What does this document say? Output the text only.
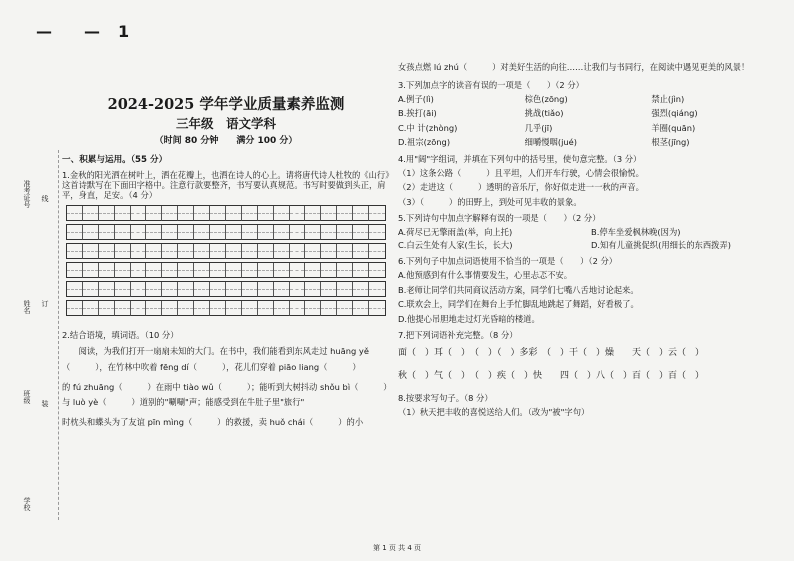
— — 1
准考证号 线
姓名 订
班级 装
学校
2024-2025 学年学业质量素养监测
三年级　语文学科
（时间 80 分钟　　满分 100 分）
一、积累与运用。（55 分）

1.金秋的阳光洒在树叶上，洒在花瓣上，也洒在诗人的心上。请将唐代诗人杜牧的《山行》这首诗默写在下面田字格中。注意行款要整齐，书写要认真规范。书写时要做到头正，肩平，身直，足安。（4 分）

2.结合语境，填词语。（10 分）

阅读，为我们打开一扇扇未知的大门。在书中，我们能看到东风走过 huāng yě（　　　），在竹林中吹着 fēng dí（　　　），花儿们穿着 piāo liang（　　　）

的 fú zhuāng（　　　）在雨中 tiào wǔ（　　　）；能听到大树抖动 shǒu bì（　　　）与 luò yè（　　　）道别的"唰唰"声；能感受到在牛肚子里"旅行"

时枕头和蝶头为了友谊 pīn mìng（　　　）的救援，卖 huǒ chái（　　　）的小

女孩点燃 lú zhú（　　　）对美好生活的向往……让我们与书同行，在阅读中遇见更美的风景！

3.下列加点字的读音有误的一项是（　　）（2 分）

A.例子(lì)	棕色(zōng)	禁止(jìn)
B.挨打(āi)	挑战(tiǎo)	强烈(qiáng)
C.中 计(zhòng)	几乎(jī)	羊圈(quān)
D.祖宗(zōng)	细嚼慢咽(jué)	根茎(jīng)

4.用"阔"字组词，并填在下列句中的括号里，使句意完整。（3 分）

（1）这条公路（　　　）且平坦，人们开车行驶，心情会很愉悦。

（2）走进这（　　　）透明的音乐厅，你好似走进一一秋的声音。

（3）（　　　）的田野上，到处可见丰收的景象。

5.下列诗句中加点字解释有误的一项是（　　）（2 分）

A.荷尽已无擎雨盖(举，向上托)	B.停车坐爱枫林晚(因为)
C.白云生处有人家(生长，长大)	D.知有儿童挑促织(用细长的东西拨弄)

6.下列句子中加点词语使用不恰当的一项是（　　）（2 分）

A.他预感到有什么事情要发生，心里忐忑不安。

B.老师让同学们共同商议活动方案，同学们七嘴八舌地讨论起来。

C.联欢会上，同学们在舞台上手忙脚乱地跳起了舞蹈，好看极了。

D.他提心吊胆地走过灯光昏暗的楼道。

7.把下列词语补充完整。（8 分）

面（　）耳（　）　（　）（　）多彩　（　）干（　）燥　　天（　）云（　）

秋（　）气（　）　（　）疾（　）快　　四（　）八（　）百（　）百（　）

8.按要求写句子。（8 分）

（1）秋天把丰收的喜悦送给人们。（改为"被"字句）

第 1 页 共 4 页
